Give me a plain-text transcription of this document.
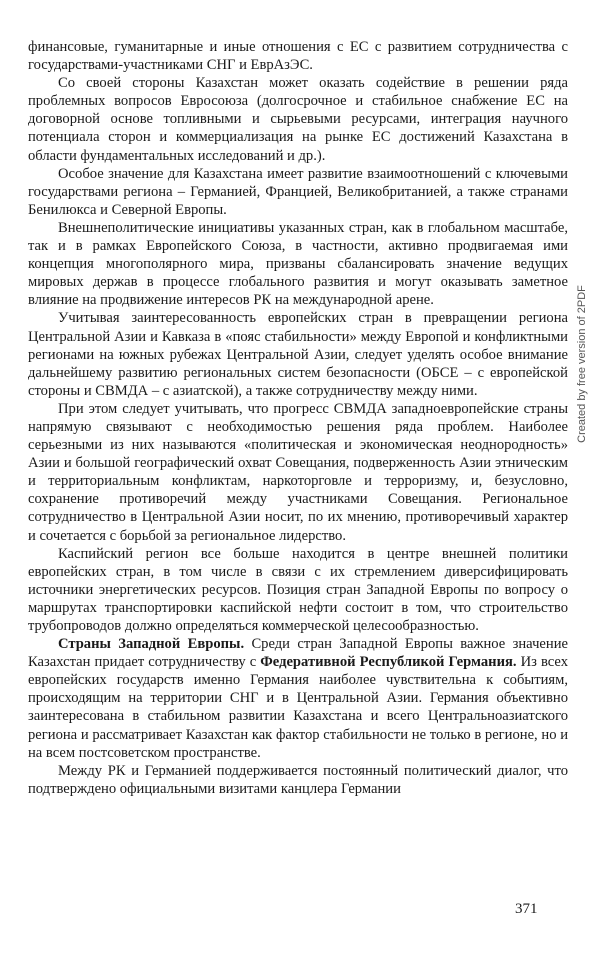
финансовые, гуманитарные и иные отношения с ЕС с развитием сотрудничества с государствами-участниками СНГ и ЕврАзЭС.

Со своей стороны Казахстан может оказать содействие в решении ряда проблемных вопросов Евросоюза (долгосрочное и стабильное снабжение ЕС на договорной основе топливными и сырьевыми ресурсами, интеграция научного потенциала сторон и коммерциализация на рынке ЕС достижений Казахстана в области фундаментальных исследований и др.).

Особое значение для Казахстана имеет развитие взаимоотношений с ключевыми государствами региона – Германией, Францией, Великобританией, а также странами Бенилюкса и Северной Европы.

Внешнеполитические инициативы указанных стран, как в глобальном масштабе, так и в рамках Европейского Союза, в частности, активно продвигаемая ими концепция многополярного мира, призваны сбалансировать значение ведущих мировых держав в процессе глобального развития и могут оказывать заметное влияние на продвижение интересов РК на международной арене.

Учитывая заинтересованность европейских стран в превращении региона Центральной Азии и Кавказа в «пояс стабильности» между Европой и конфликтными регионами на южных рубежах Центральной Азии, следует уделять особое внимание дальнейшему развитию региональных систем безопасности (ОБСЕ – с европейской стороны и СВМДА – с азиатской), а также сотрудничеству между ними.

При этом следует учитывать, что прогресс СВМДА западноевропейские страны напрямую связывают с необходимостью решения ряда проблем. Наиболее серьезными из них называются «политическая и экономическая неоднородность» Азии и большой географический охват Совещания, подверженность Азии этническим и территориальным конфликтам, наркоторговле и терроризму, и, безусловно, сохранение противоречий между участниками Совещания. Региональное сотрудничество в Центральной Азии носит, по их мнению, противоречивый характер и сочетается с борьбой за региональное лидерство.

Каспийский регион все больше находится в центре внешней политики европейских стран, в том числе в связи с их стремлением диверсифицировать источники энергетических ресурсов. Позиция стран Западной Европы по вопросу о маршрутах транспортировки каспийской нефти состоит в том, что строительство трубопроводов должно определяться коммерческой целесообразностью.

Страны Западной Европы. Среди стран Западной Европы важное значение Казахстан придает сотрудничеству с Федеративной Республикой Германия. Из всех европейских государств именно Германия наиболее чувствительна к событиям, происходящим на территории СНГ и в Центральной Азии. Германия объективно заинтересована в стабильном развитии Казахстана и всего Центральноазиатского региона и рассматривает Казахстан как фактор стабильности не только в регионе, но и на всем постсоветском пространстве.

Между РК и Германией поддерживается постоянный политический диалог, что подтверждено официальными визитами канцлера Германии

371
Created by free version of 2PDF
